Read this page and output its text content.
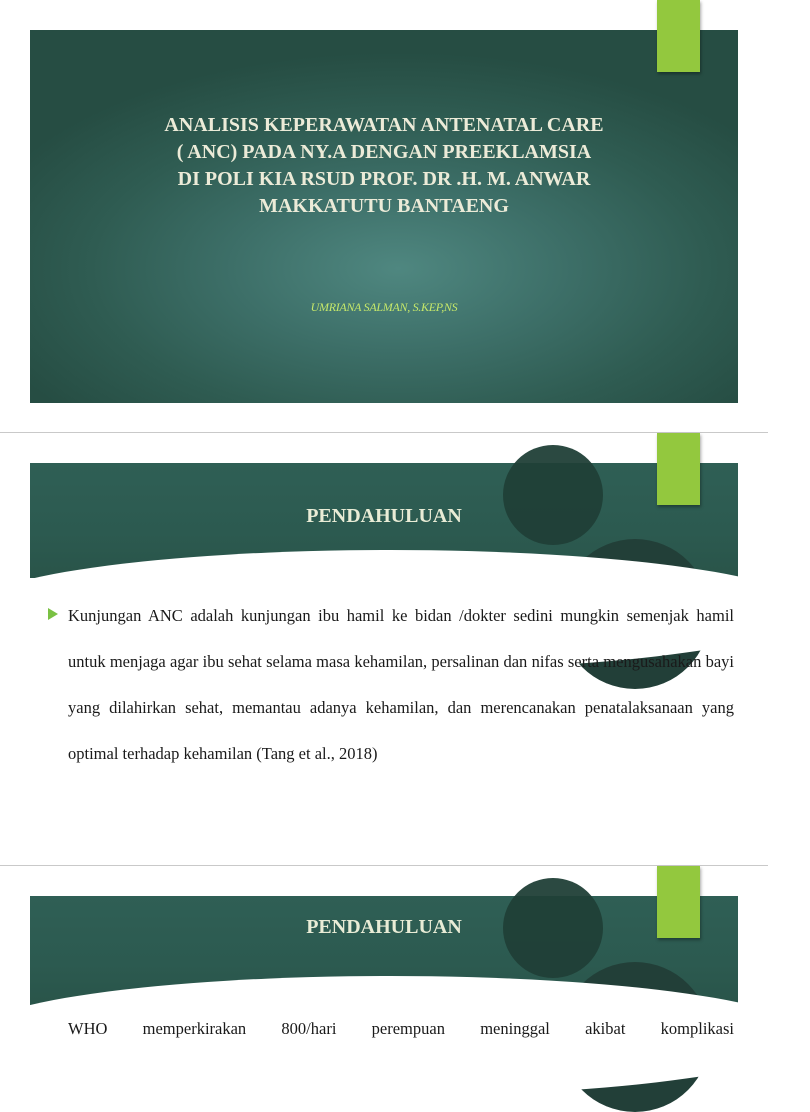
ANALISIS KEPERAWATAN ANTENATAL CARE
( ANC) PADA NY.A DENGAN PREEKLAMSIA
DI POLI KIA RSUD PROF. DR .H. M. ANWAR
MAKKATUTU BANTAENG
UMRIANA SALMAN, S.KEP,NS
PENDAHULUAN
Kunjungan ANC adalah kunjungan ibu hamil ke bidan /dokter sedini mungkin semenjak hamil untuk menjaga agar ibu sehat selama masa kehamilan, persalinan dan nifas serta mengusahakan bayi yang dilahirkan sehat, memantau adanya kehamilan, dan merencanakan penatalaksanaan yang optimal terhadap kehamilan (Tang et al., 2018)
PENDAHULUAN
WHO memperkirakan 800/hari perempuan meninggal akibat komplikasi
